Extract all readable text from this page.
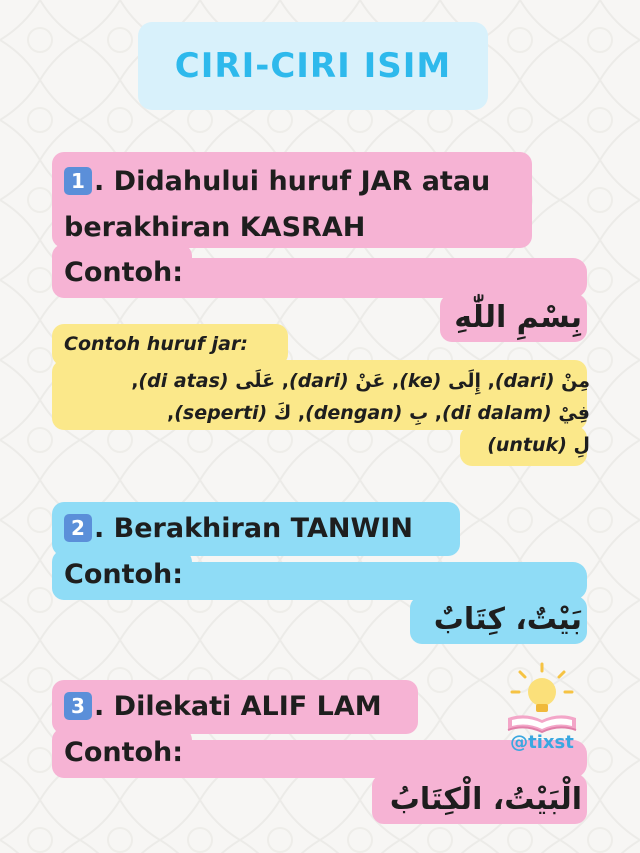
CIRI-CIRI ISIM
1 . Didahului huruf JAR atau
berakhiran KASRAH
Contoh:
بِسْمِ اللّٰهِ
Contoh huruf jar:
مِنْ (dari), إِلَى (ke), عَنْ (dari), عَلَى (di atas),
فِيْ (di dalam), بِ (dengan), كَ (seperti),
لِ (untuk)
2 . Berakhiran TANWIN
Contoh:
بَيْتٌ، كِتَابٌ
3 . Dilekati ALIF LAM
Contoh:
الْبَيْتُ، الْكِتَابُ
@tixst
